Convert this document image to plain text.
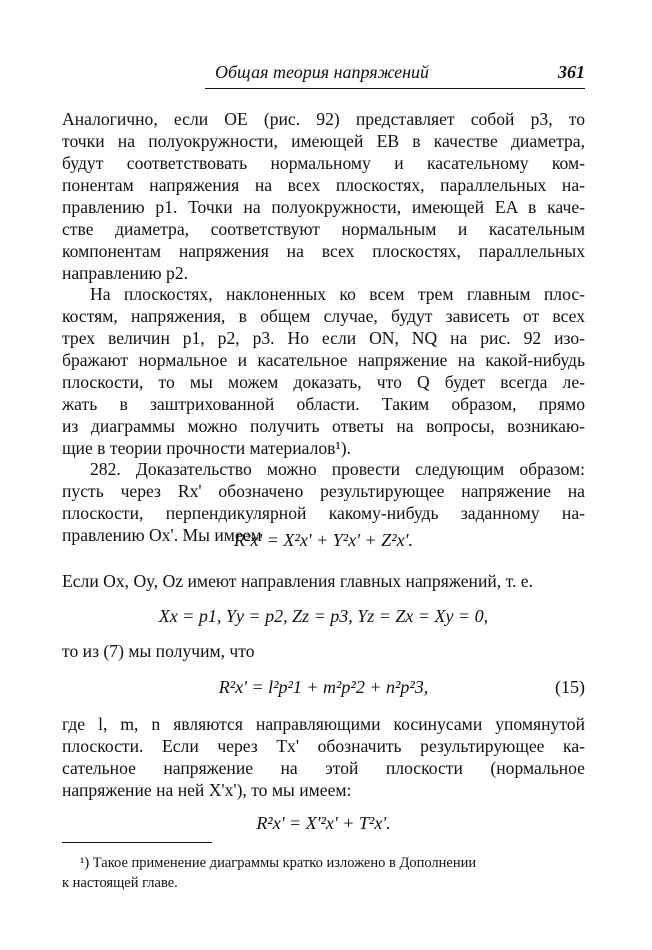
Общая теория напряжений	361
Аналогично, если OE (рис. 92) представляет собой p3, то
точки на полуокружности, имеющей EB в качестве диаметра,
будут соответствовать нормальному и касательному ком-
понентам напряжения на всех плоскостях, параллельных на-
правлению p1. Точки на полуокружности, имеющей EA в каче-
стве диаметра, соответствуют нормальным и касательным
компонентам напряжения на всех плоскостях, параллельных
направлению p2.
На плоскостях, наклоненных ко всем трем главным плос-
костям, напряжения, в общем случае, будут зависеть от всех
трех величин p1, p2, p3. Но если ON, NQ на рис. 92 изо-
бражают нормальное и касательное напряжение на какой-нибудь
плоскости, то мы можем доказать, что Q будет всегда ле-
жать в заштрихованной области. Таким образом, прямо
из диаграммы можно получить ответы на вопросы, возникаю-
щие в теории прочности материалов¹).
282. Доказательство можно провести следующим образом:
пусть через Rx' обозначено результирующее напряжение на
плоскости, перпендикулярной какому-нибудь заданному на-
правлению Ox'. Мы имеем
R²x' = X²x' + Y²x' + Z²x'.
Если Ox, Oy, Oz имеют направления главных напряжений, т. е.
Xx = p1, Yy = p2, Zz = p3, Yz = Zx = Xy = 0,
то из (7) мы получим, что
R²x' = l²p²1 + m²p²2 + n²p²3,	(15)
где l, m, n являются направляющими косинусами упомянутой
плоскости. Если через Tx' обозначить результирующее ка-
сательное напряжение на этой плоскости (нормальное
напряжение на ней X'x'), то мы имеем:
R²x' = X'²x' + T²x'.
¹) Такое применение диаграммы кратко изложено в Дополнении
к настоящей главе.
